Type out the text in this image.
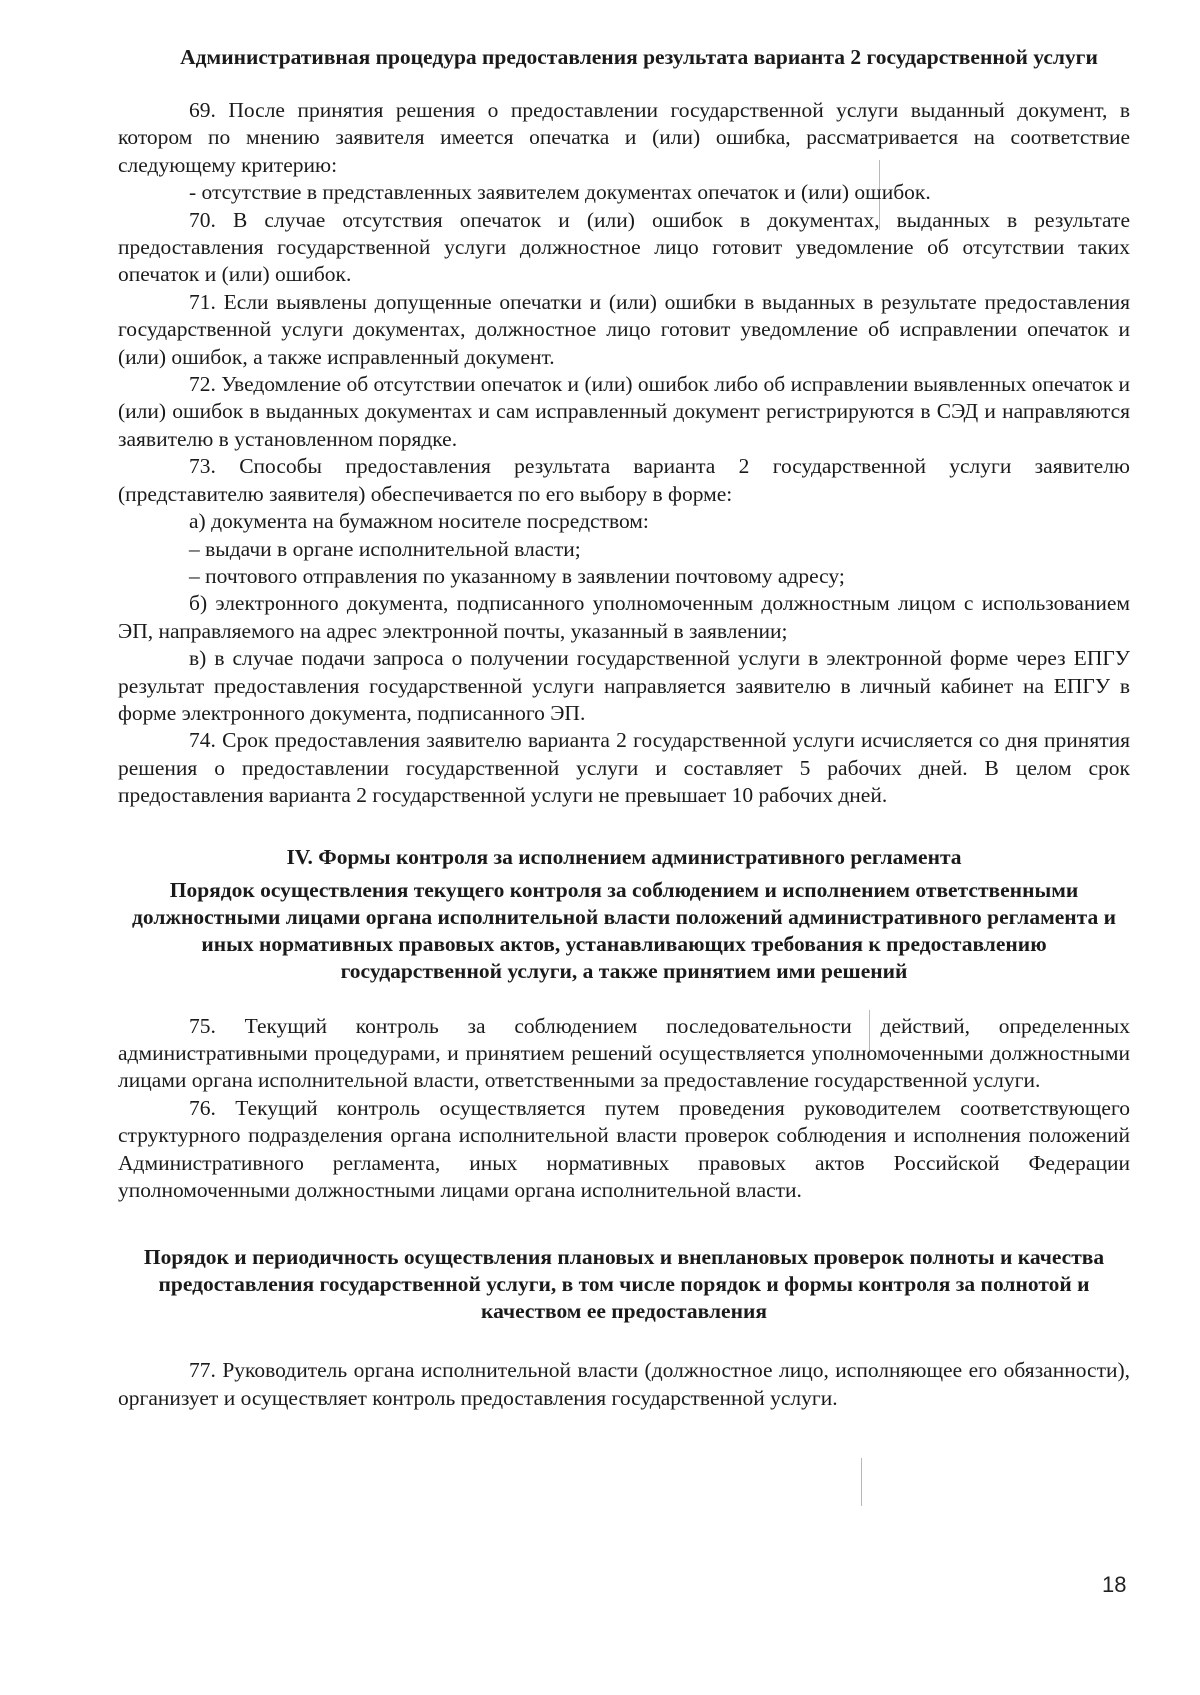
Административная процедура предоставления результата варианта 2 государственной услуги

69. После принятия решения о предоставлении государственной услуги выданный документ, в котором по мнению заявителя имеется опечатка и (или) ошибка, рассматривается на соответствие следующему критерию:

- отсутствие в представленных заявителем документах опечаток и (или) ошибок.

70. В случае отсутствия опечаток и (или) ошибок в документах, выданных в результате предоставления государственной услуги должностное лицо готовит уведомление об отсутствии таких опечаток и (или) ошибок.

71. Если выявлены допущенные опечатки и (или) ошибки в выданных в результате предоставления государственной услуги документах, должностное лицо готовит уведомление об исправлении опечаток и (или) ошибок, а также исправленный документ.

72. Уведомление об отсутствии опечаток и (или) ошибок либо об исправлении выявленных опечаток и (или) ошибок в выданных документах и сам исправленный документ регистрируются в СЭД и направляются заявителю в установленном порядке.

73. Способы предоставления результата варианта 2 государственной услуги заявителю (представителю заявителя) обеспечивается по его выбору в форме:

а) документа на бумажном носителе посредством:

– выдачи в органе исполнительной власти;

– почтового отправления по указанному в заявлении почтовому адресу;

б) электронного документа, подписанного уполномоченным должностным лицом с использованием ЭП, направляемого на адрес электронной почты, указанный в заявлении;

в) в случае подачи запроса о получении государственной услуги в электронной форме через ЕПГУ результат предоставления государственной услуги направляется заявителю в личный кабинет на ЕПГУ в форме электронного документа, подписанного ЭП.

74. Срок предоставления заявителю варианта 2 государственной услуги исчисляется со дня принятия решения о предоставлении государственной услуги и составляет 5 рабочих дней. В целом срок предоставления варианта 2 государственной услуги не превышает 10 рабочих дней.

IV. Формы контроля за исполнением административного регламента
Порядок осуществления текущего контроля за соблюдением и исполнением ответственными должностными лицами органа исполнительной власти положений административного регламента и иных нормативных правовых актов, устанавливающих требования к предоставлению государственной услуги, а также принятием ими решений

75. Текущий контроль за соблюдением последовательности действий, определенных административными процедурами, и принятием решений осуществляется уполномоченными должностными лицами органа исполнительной власти, ответственными за предоставление государственной услуги.

76. Текущий контроль осуществляется путем проведения руководителем соответствующего структурного подразделения органа исполнительной власти проверок соблюдения и исполнения положений Административного регламента, иных нормативных правовых актов Российской Федерации уполномоченными должностными лицами органа исполнительной власти.

Порядок и периодичность осуществления плановых и внеплановых проверок полноты и качества предоставления государственной услуги, в том числе порядок и формы контроля за полнотой и качеством ее предоставления

77. Руководитель органа исполнительной власти (должностное лицо, исполняющее его обязанности), организует и осуществляет контроль предоставления государственной услуги.

18
